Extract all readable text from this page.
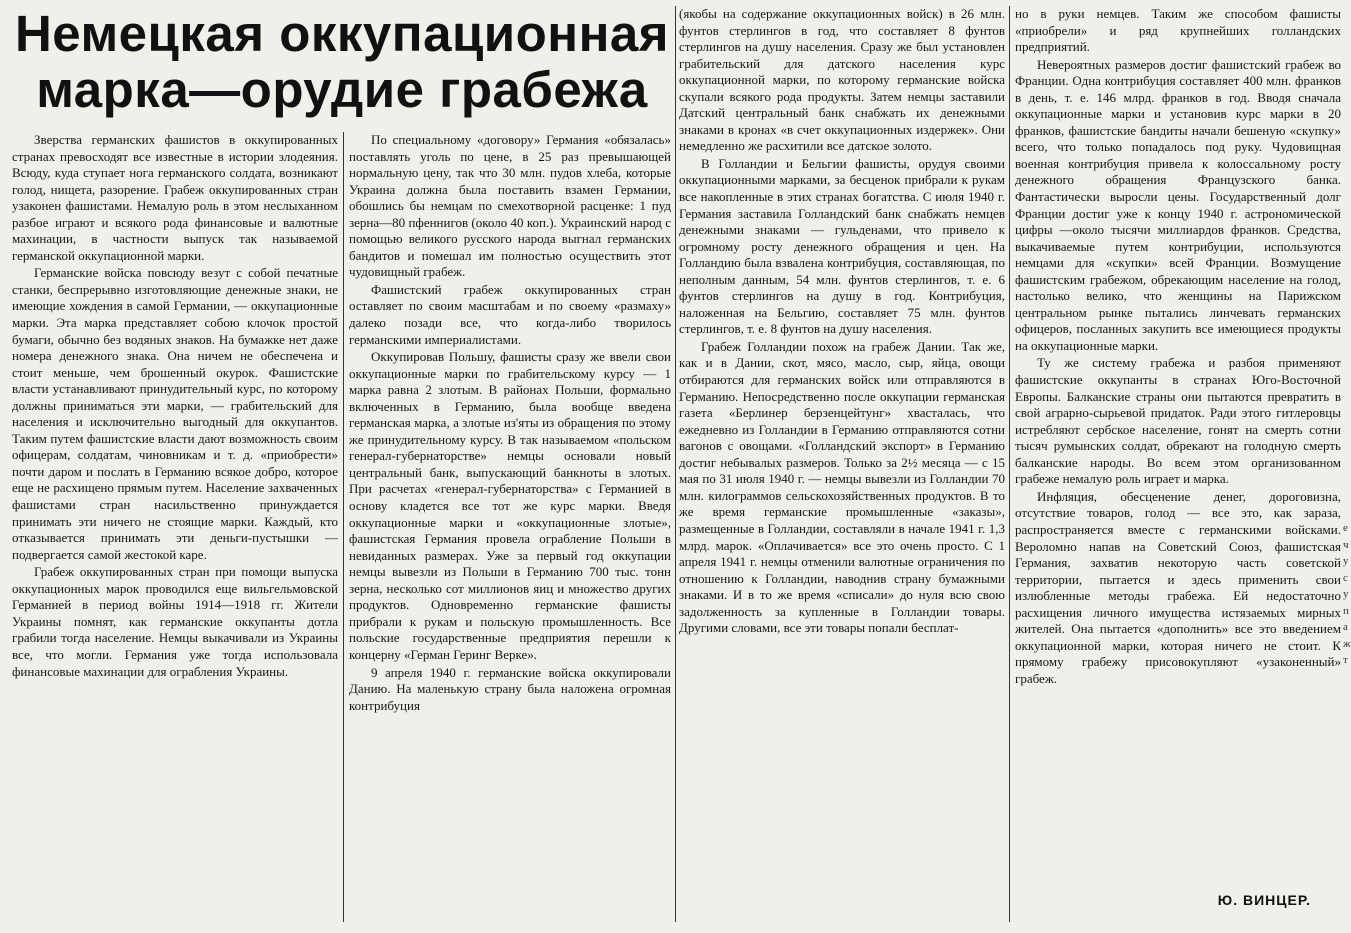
Немецкая оккупационная
марка—орудие грабежа

Зверства германских фашистов в оккупированных странах превосходят все известные в истории злодеяния. Всюду, куда ступает нога германского солдата, возникают голод, нищета, разорение. Грабеж оккупированных стран узаконен фашистами. Немалую роль в этом неслыханном разбое играют и всякого рода финансовые и валютные махинации, в частности выпуск так называемой германской оккупационной марки.

Германские войска повсюду везут с собой печатные станки, беспрерывно изготовляющие денежные знаки, не имеющие хождения в самой Германии, — оккупационные марки. Эта марка представляет собою клочок простой бумаги, обычно без водяных знаков. На бумажке нет даже номера денежного знака. Она ничем не обеспечена и стоит меньше, чем брошенный окурок. Фашистские власти устанавливают принудительный курс, по которому должны приниматься эти марки, — грабительский для населения и исключительно выгодный для оккупантов. Таким путем фашистские власти дают возможность своим офицерам, солдатам, чиновникам и т. д. «приобрести» почти даром и послать в Германию всякое добро, которое еще не расхищено прямым путем. Население захваченных фашистами стран насильственно принуждается принимать эти ничего не стоящие марки. Каждый, кто отказывается принимать эти деньги-пустышки — подвергается самой жестокой каре.

Грабеж оккупированных стран при помощи выпуска оккупационных марок проводился еще вильгельмовской Германией в период войны 1914—1918 гг. Жители Украины помнят, как германские оккупанты дотла грабили тогда население. Немцы выкачивали из Украины все, что могли. Германия уже тогда использовала финансовые махинации для ограбления Украины.

По специальному «договору» Германия «обязалась» поставлять уголь по цене, в 25 раз превышающей нормальную цену, так что 30 млн. пудов хлеба, которые Украина должна была поставить взамен Германии, обошлись бы немцам по смехотворной расценке: 1 пуд зерна—80 пфеннигов (около 40 коп.). Украинский народ с помощью великого русского народа выгнал германских бандитов и помешал им полностью осуществить этот чудовищный грабеж.

Фашистский грабеж оккупированных стран оставляет по своим масштабам и по своему «размаху» далеко позади все, что когда-либо творилось германскими империалистами.

Оккупировав Польшу, фашисты сразу же ввели свои оккупационные марки по грабительскому курсу — 1 марка равна 2 злотым. В районах Польши, формально включенных в Германию, была вообще введена германская марка, а злотые из'яты из обращения по этому же принудительному курсу. В так называемом «польском генерал-губернаторстве» немцы основали новый центральный банк, выпускающий банкноты в злотых. При расчетах «генерал-губернаторства» с Германией в основу кладется все тот же курс марки. Введя оккупационные марки и «оккупационные злотые», фашистская Германия провела ограбление Польши в невиданных размерах. Уже за первый год оккупации немцы вывезли из Польши в Германию 700 тыс. тонн зерна, несколько сот миллионов яиц и множество других продуктов. Одновременно германские фашисты прибрали к рукам и польскую промышленность. Все польские государственные предприятия перешли к концерну «Герман Геринг Верке».

9 апреля 1940 г. германские войска оккупировали Данию. На маленькую страну была наложена огромная контрибуция

(якобы на содержание оккупационных войск) в 26 млн. фунтов стерлингов в год, что составляет 8 фунтов стерлингов на душу населения. Сразу же был установлен грабительский для датского населения курс оккупационной марки, по которому германские войска скупали всякого рода продукты. Затем немцы заставили Датский центральный банк снабжать их денежными знаками в кронах «в счет оккупационных издержек». Они немедленно же расхитили все датское золото.

В Голландии и Бельгии фашисты, орудуя своими оккупационными марками, за бесценок прибрали к рукам все накопленные в этих странах богатства. С июля 1940 г. Германия заставила Голландский банк снабжать немцев денежными знаками — гульденами, что привело к огромному росту денежного обращения и цен. На Голландию была взвалена контрибуция, составляющая, по неполным данным, 54 млн. фунтов стерлингов, т. е. 6 фунтов стерлингов на душу в год. Контрибуция, наложенная на Бельгию, составляет 75 млн. фунтов стерлингов, т. е. 8 фунтов на душу населения.

Грабеж Голландии похож на грабеж Дании. Так же, как и в Дании, скот, мясо, масло, сыр, яйца, овощи отбираются для германских войск или отправляются в Германию. Непосредственно после оккупации германская газета «Берлинер берзенцейтунг» хвасталась, что ежедневно из Голландии в Германию отправляются сотни вагонов с овощами. «Голландский экспорт» в Германию достиг небывалых размеров. Только за 2½ месяца — с 15 мая по 31 июля 1940 г. — немцы вывезли из Голландии 70 млн. килограммов сельскохозяйственных продуктов. В то же время германские промышленные «заказы», размещенные в Голландии, составляли в начале 1941 г. 1,3 млрд. марок. «Оплачивается» все это очень просто. С 1 апреля 1941 г. немцы отменили валютные ограничения по отношению к Голландии, наводнив страну бумажными знаками. И в то же время «списали» до нуля всю свою задолженность за купленные в Голландии товары. Другими словами, все эти товары попали бесплат-

но в руки немцев. Таким же способом фашисты «приобрели» и ряд крупнейших голландских предприятий.

Невероятных размеров достиг фашистский грабеж во Франции. Одна контрибуция составляет 400 млн. франков в день, т. е. 146 млрд. франков в год. Вводя сначала оккупационные марки и установив курс марки в 20 франков, фашистские бандиты начали бешеную «скупку» всего, что только попадалось под руку. Чудовищная военная контрибуция привела к колоссальному росту денежного обращения Французского банка. Фантастически выросли цены. Государственный долг Франции достиг уже к концу 1940 г. астрономической цифры —около тысячи миллиардов франков. Средства, выкачиваемые путем контрибуции, используются немцами для «скупки» всей Франции. Возмущение фашистским грабежом, обрекающим население на голод, настолько велико, что женщины на Парижском центральном рынке пытались линчевать германских офицеров, посланных закупить все имеющиеся продукты на оккупационные марки.

Ту же систему грабежа и разбоя применяют фашистские оккупанты в странах Юго-Восточной Европы. Балканские страны они пытаются превратить в свой аграрно-сырьевой придаток. Ради этого гитлеровцы истребляют сербское население, гонят на смерть сотни тысяч румынских солдат, обрекают на голодную смерть балканские народы. Во всем этом организованном грабеже немалую роль играет и марка.

Инфляция, обесценение денег, дороговизна, отсутствие товаров, голод — все это, как зараза, распространяется вместе с германскими войсками. Вероломно напав на Советский Союз, фашистская Германия, захватив некоторую часть советской территории, пытается и здесь применить свои излюбленные методы грабежа. Ей недостаточно расхищения личного имущества истязаемых мирных жителей. Она пытается «дополнить» все это введением оккупационной марки, которая ничего не стоит. К прямому грабежу присовокупляют «узаконенный» грабеж.

Ю. ВИНЦЕР.
е
ч
у
с
у
п
а
ж
т
